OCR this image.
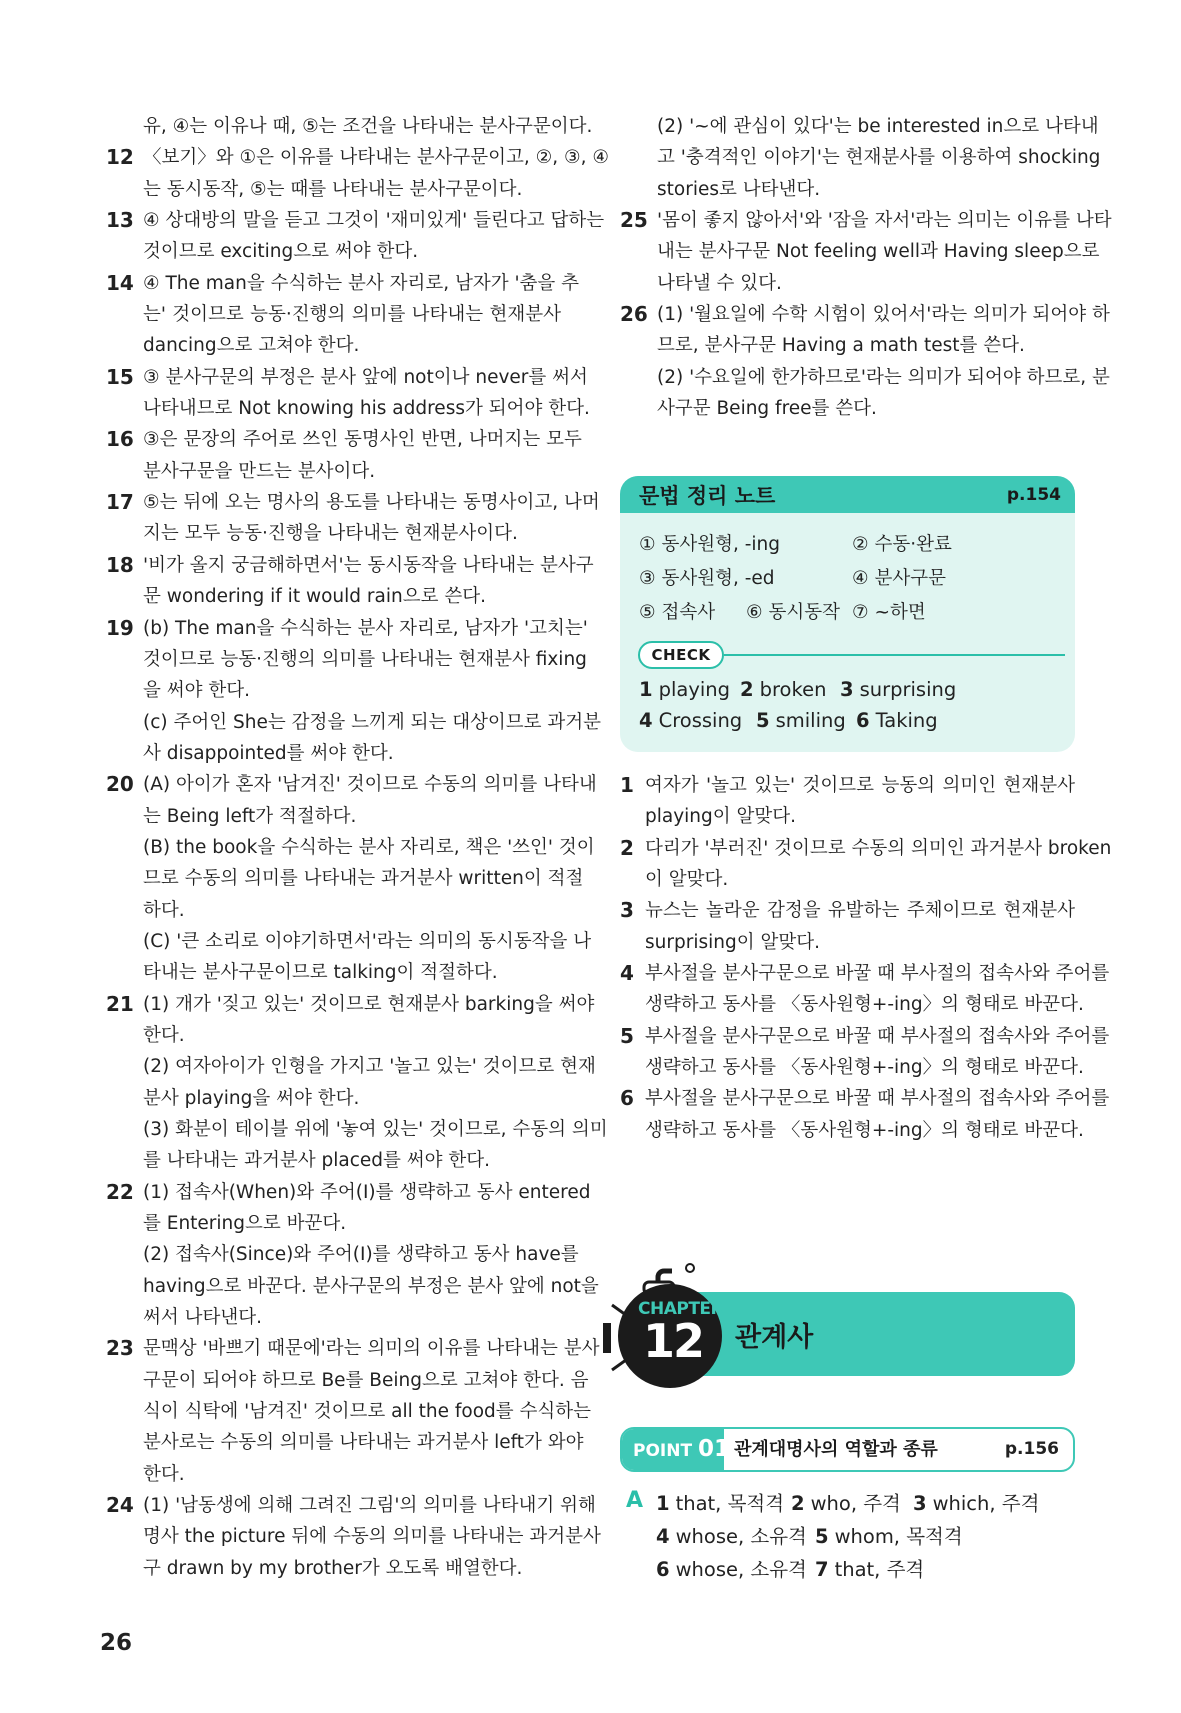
유, ④는 이유나 때, ⑤는 조건을 나타내는 분사구문이다.
12 〈보기〉와 ①은 이유를 나타내는 분사구문이고, ②, ③, ④
는 동시동작, ⑤는 때를 나타내는 분사구문이다.
13 ④ 상대방의 말을 듣고 그것이 '재미있게' 들린다고 답하는
것이므로 exciting으로 써야 한다.
14 ④ The man을 수식하는 분사 자리로, 남자가 '춤을 추
는' 것이므로 능동·진행의 의미를 나타내는 현재분사
dancing으로 고쳐야 한다.
15 ③ 분사구문의 부정은 분사 앞에 not이나 never를 써서
나타내므로 Not knowing his address가 되어야 한다.
16 ③은 문장의 주어로 쓰인 동명사인 반면, 나머지는 모두
분사구문을 만드는 분사이다.
17 ⑤는 뒤에 오는 명사의 용도를 나타내는 동명사이고, 나머
지는 모두 능동·진행을 나타내는 현재분사이다.
18 '비가 올지 궁금해하면서'는 동시동작을 나타내는 분사구
문 wondering if it would rain으로 쓴다.
19 (b) The man을 수식하는 분사 자리로, 남자가 '고치는'
것이므로 능동·진행의 의미를 나타내는 현재분사 fixing
을 써야 한다.
(c) 주어인 She는 감정을 느끼게 되는 대상이므로 과거분
사 disappointed를 써야 한다.
20 (A) 아이가 혼자 '남겨진' 것이므로 수동의 의미를 나타내
는 Being left가 적절하다.
(B) the book을 수식하는 분사 자리로, 책은 '쓰인' 것이
므로 수동의 의미를 나타내는 과거분사 written이 적절
하다.
(C) '큰 소리로 이야기하면서'라는 의미의 동시동작을 나
타내는 분사구문이므로 talking이 적절하다.
21 (1) 개가 '짖고 있는' 것이므로 현재분사 barking을 써야
한다.
(2) 여자아이가 인형을 가지고 '놀고 있는' 것이므로 현재
분사 playing을 써야 한다.
(3) 화분이 테이블 위에 '놓여 있는' 것이므로, 수동의 의미
를 나타내는 과거분사 placed를 써야 한다.
22 (1) 접속사(When)와 주어(I)를 생략하고 동사 entered
를 Entering으로 바꾼다.
(2) 접속사(Since)와 주어(I)를 생략하고 동사 have를
having으로 바꾼다. 분사구문의 부정은 분사 앞에 not을
써서 나타낸다.
23 문맥상 '바쁘기 때문에'라는 의미의 이유를 나타내는 분사
구문이 되어야 하므로 Be를 Being으로 고쳐야 한다. 음
식이 식탁에 '남겨진' 것이므로 all the food를 수식하는
분사로는 수동의 의미를 나타내는 과거분사 left가 와야
한다.
24 (1) '남동생에 의해 그려진 그림'의 의미를 나타내기 위해
명사 the picture 뒤에 수동의 의미를 나타내는 과거분사
구 drawn by my brother가 오도록 배열한다.
(2) '~에 관심이 있다'는 be interested in으로 나타내
고 '충격적인 이야기'는 현재분사를 이용하여 shocking
stories로 나타낸다.
25 '몸이 좋지 않아서'와 '잠을 자서'라는 의미는 이유를 나타
내는 분사구문 Not feeling well과 Having sleep으로
나타낼 수 있다.
26 (1) '월요일에 수학 시험이 있어서'라는 의미가 되어야 하
므로, 분사구문 Having a math test를 쓴다.
(2) '수요일에 한가하므로'라는 의미가 되어야 하므로, 분
사구문 Being free를 쓴다.
문법 정리 노트	p.154
① 동사원형, -ing	② 수동·완료
③ 동사원형, -ed	④ 분사구문
⑤ 접속사 ⑥ 동시동작 ⑦ ~하면
CHECK
1 playing 2 broken 3 surprising
4 Crossing 5 smiling 6 Taking
1 여자가 '놀고 있는' 것이므로 능동의 의미인 현재분사
playing이 알맞다.
2 다리가 '부러진' 것이므로 수동의 의미인 과거분사 broken
이 알맞다.
3 뉴스는 놀라운 감정을 유발하는 주체이므로 현재분사
surprising이 알맞다.
4 부사절을 분사구문으로 바꿀 때 부사절의 접속사와 주어를
생략하고 동사를 〈동사원형+-ing〉의 형태로 바꾼다.
5 부사절을 분사구문으로 바꿀 때 부사절의 접속사와 주어를
생략하고 동사를 〈동사원형+-ing〉의 형태로 바꾼다.
6 부사절을 분사구문으로 바꿀 때 부사절의 접속사와 주어를
생략하고 동사를 〈동사원형+-ing〉의 형태로 바꾼다.
CHAPTER
12 관계사
POINT 01 관계대명사의 역할과 종류	p.156
A 1 that, 목적격 2 who, 주격 3 which, 주격
4 whose, 소유격 5 whom, 목적격
6 whose, 소유격 7 that, 주격
26
